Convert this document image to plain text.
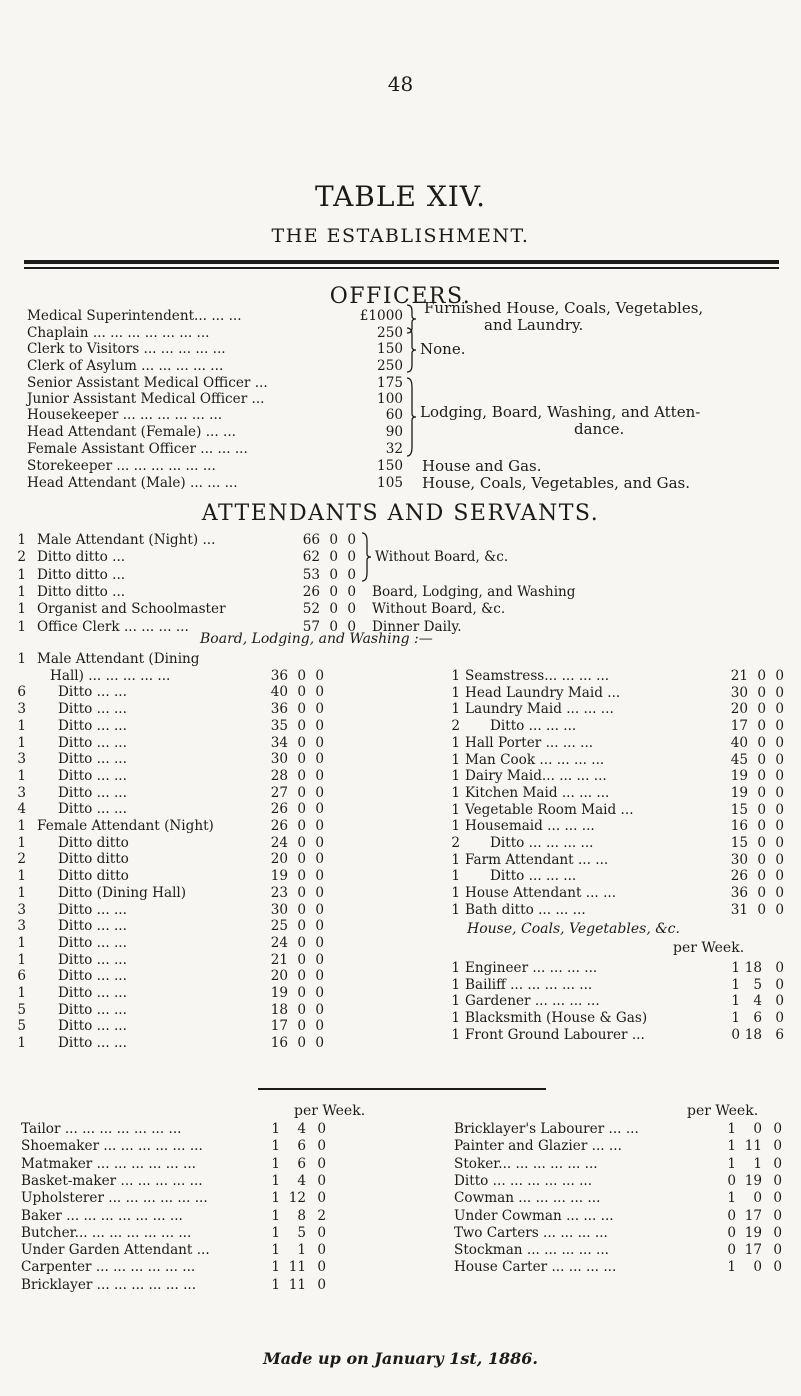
48
TABLE XIV.
THE ESTABLISHMENT.
OFFICERS.
Medical Superintendent... ... ...	£1000 Furnished House, Coals, Vegetables,
and Laundry.
Chaplain ... ... ... ... ... ... ...	250
Clerk to Visitors ... ... ... ... ...	150 None.
Clerk of Asylum ... ... ... ... ...	250
Senior Assistant Medical Officer ...	175
Junior Assistant Medical Officer ...	100
Housekeeper ... ... ... ... ... ...	60 Lodging, Board, Washing, and Atten-
dance.
Head Attendant (Female) ... ...	90
Female Assistant Officer ... ... ...	32
Storekeeper ... ... ... ... ... ...	150 House and Gas.
Head Attendant (Male) ... ... ...	105 House, Coals, Vegetables, and Gas.
ATTENDANTS AND SERVANTS.
1 Male Attendant (Night) ...	66 0 0
2 Ditto ditto ...	62 0 0 Without Board, &c.
1 Ditto ditto ...	53 0 0
1 Ditto ditto ...	26 0 0 Board, Lodging, and Washing
1 Organist and Schoolmaster	52 0 0 Without Board, &c.
1 Office Clerk ... ... ... ...	57 0 0 Dinner Daily.
Board, Lodging, and Washing :—
1 Male Attendant (Dining
Hall) ... ... ... ... ...	36 0 0
6 Ditto ... ...	40 0 0
3 Ditto ... ...	36 0 0
1 Ditto ... ...	35 0 0
1 Ditto ... ...	34 0 0
3 Ditto ... ...	30 0 0
1 Ditto ... ...	28 0 0
3 Ditto ... ...	27 0 0
4 Ditto ... ...	26 0 0
1 Female Attendant (Night)	26 0 0
1 Ditto ditto	24 0 0
2 Ditto ditto	20 0 0
1 Ditto ditto	19 0 0
1 Ditto (Dining Hall)	23 0 0
3 Ditto ... ...	30 0 0
3 Ditto ... ...	25 0 0
1 Ditto ... ...	24 0 0
1 Ditto ... ...	21 0 0
6 Ditto ... ...	20 0 0
1 Ditto ... ...	19 0 0
5 Ditto ... ...	18 0 0
5 Ditto ... ...	17 0 0
1 Ditto ... ...	16 0 0
1 Seamstress... ... ... ...	21 0 0
1 Head Laundry Maid ...	30 0 0
1 Laundry Maid ... ... ...	20 0 0
2 Ditto ... ... ...	17 0 0
1 Hall Porter ... ... ...	40 0 0
1 Man Cook ... ... ... ...	45 0 0
1 Dairy Maid... ... ... ...	19 0 0
1 Kitchen Maid ... ... ...	19 0 0
1 Vegetable Room Maid ...	15 0 0
1 Housemaid ... ... ...	16 0 0
2 Ditto ... ... ... ...	15 0 0
1 Farm Attendant ... ...	30 0 0
1 Ditto ... ... ...	26 0 0
1 House Attendant ... ...	36 0 0
1 Bath ditto ... ... ...	31 0 0
House, Coals, Vegetables, &c.
per Week.
1 Engineer ... ... ... ...	1 18 0
1 Bailiff ... ... ... ... ...	1 5 0
1 Gardener ... ... ... ...	1 4 0
1 Blacksmith (House & Gas)	1 6 0
1 Front Ground Labourer ...	0 18 6
per Week.	per Week.
Tailor ... ... ... ... ... ... ...	1	4 0
Shoemaker ... ... ... ... ... ...	1	6 0
Matmaker ... ... ... ... ... ...	1	6 0
Basket-maker ... ... ... ... ...	1	4 0
Upholsterer ... ... ... ... ... ...	1 12 0
Baker ... ... ... ... ... ... ...	1	8 2
Butcher... ... ... ... ... ... ...	1	5 0
Under Garden Attendant ...	1	1 0
Carpenter ... ... ... ... ... ...	1 11 0
Bricklayer ... ... ... ... ... ...	1 11 0
Bricklayer's Labourer ... ...	1	0 0
Painter and Glazier ... ...	1 11 0
Stoker... ... ... ... ... ...	1	1 0
Ditto ... ... ... ... ... ...	0 19 0
Cowman ... ... ... ... ...	1	0 0
Under Cowman ... ... ...	0 17 0
Two Carters ... ... ... ...	0 19 0
Stockman ... ... ... ... ...	0 17 0
House Carter ... ... ... ...	1	0 0
Made up on January 1st, 1886.
